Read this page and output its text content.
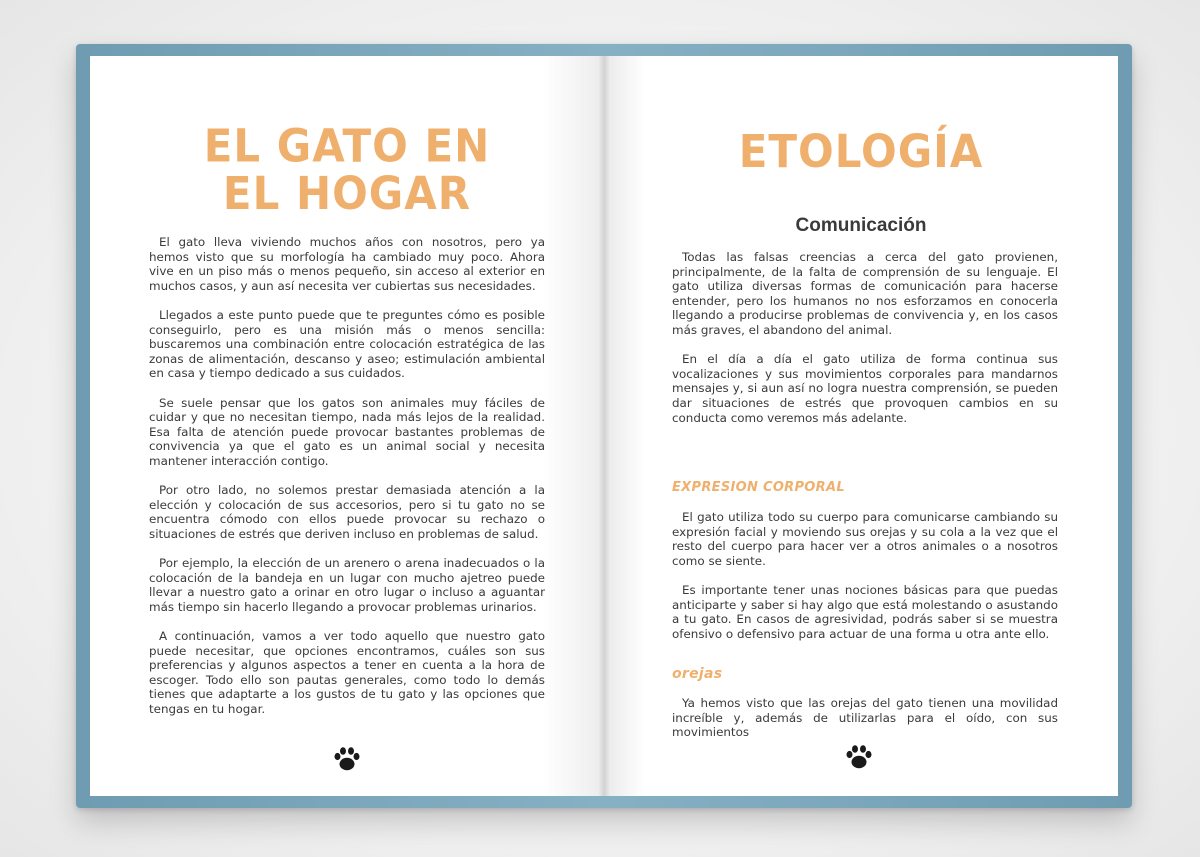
EL GATO EN
EL HOGAR

El gato lleva viviendo muchos años con nosotros, pero ya hemos visto que su morfología ha cambiado muy poco. Ahora vive en un piso más o menos pequeño, sin acceso al exterior en muchos casos, y aun así necesita ver cubiertas sus necesidades.

Llegados a este punto puede que te preguntes cómo es posible conseguirlo, pero es una misión más o menos sencilla: buscaremos una combinación entre colocación estratégica de las zonas de alimentación, descanso y aseo; estimulación ambiental en casa y tiempo dedicado a sus cuidados.

Se suele pensar que los gatos son animales muy fáciles de cuidar y que no necesitan tiempo, nada más lejos de la realidad. Esa falta de atención puede provocar bastantes problemas de convivencia ya que el gato es un animal social y necesita mantener interacción contigo.

Por otro lado, no solemos prestar demasiada atención a la elección y colocación de sus accesorios, pero si tu gato no se encuentra cómodo con ellos puede provocar su rechazo o situaciones de estrés que deriven incluso en problemas de salud.

Por ejemplo, la elección de un arenero o arena inadecuados o la colocación de la bandeja en un lugar con mucho ajetreo puede llevar a nuestro gato a orinar en otro lugar o incluso a aguantar más tiempo sin hacerlo llegando a provocar problemas urinarios.

A continuación, vamos a ver todo aquello que nuestro gato puede necesitar, que opciones encontramos, cuáles son sus preferencias y algunos aspectos a tener en cuenta a la hora de escoger. Todo ello son pautas generales, como todo lo demás tienes que adaptarte a los gustos de tu gato y las opciones que tengas en tu hogar.

ETOLOGÍA
Comunicación

Todas las falsas creencias a cerca del gato provienen, principalmente, de la falta de comprensión de su lenguaje. El gato utiliza diversas formas de comunicación para hacerse entender, pero los humanos no nos esforzamos en conocerla llegando a producirse problemas de convivencia y, en los casos más graves, el abandono del animal.

En el día a día el gato utiliza de forma continua sus vocalizaciones y sus movimientos corporales para mandarnos mensajes y, si aun así no logra nuestra comprensión, se pueden dar situaciones de estrés que provoquen cambios en su conducta como veremos más adelante.

EXPRESION CORPORAL

El gato utiliza todo su cuerpo para comunicarse cambiando su expresión facial y moviendo sus orejas y su cola a la vez que el resto del cuerpo para hacer ver a otros animales o a nosotros como se siente.

Es importante tener unas nociones básicas para que puedas anticiparte y saber si hay algo que está molestando o asustando a tu gato. En casos de agresividad, podrás saber si se muestra ofensivo o defensivo para actuar de una forma u otra ante ello.

orejas

Ya hemos visto que las orejas del gato tienen una movilidad increíble y, además de utilizarlas para el oído, con sus movimientos
